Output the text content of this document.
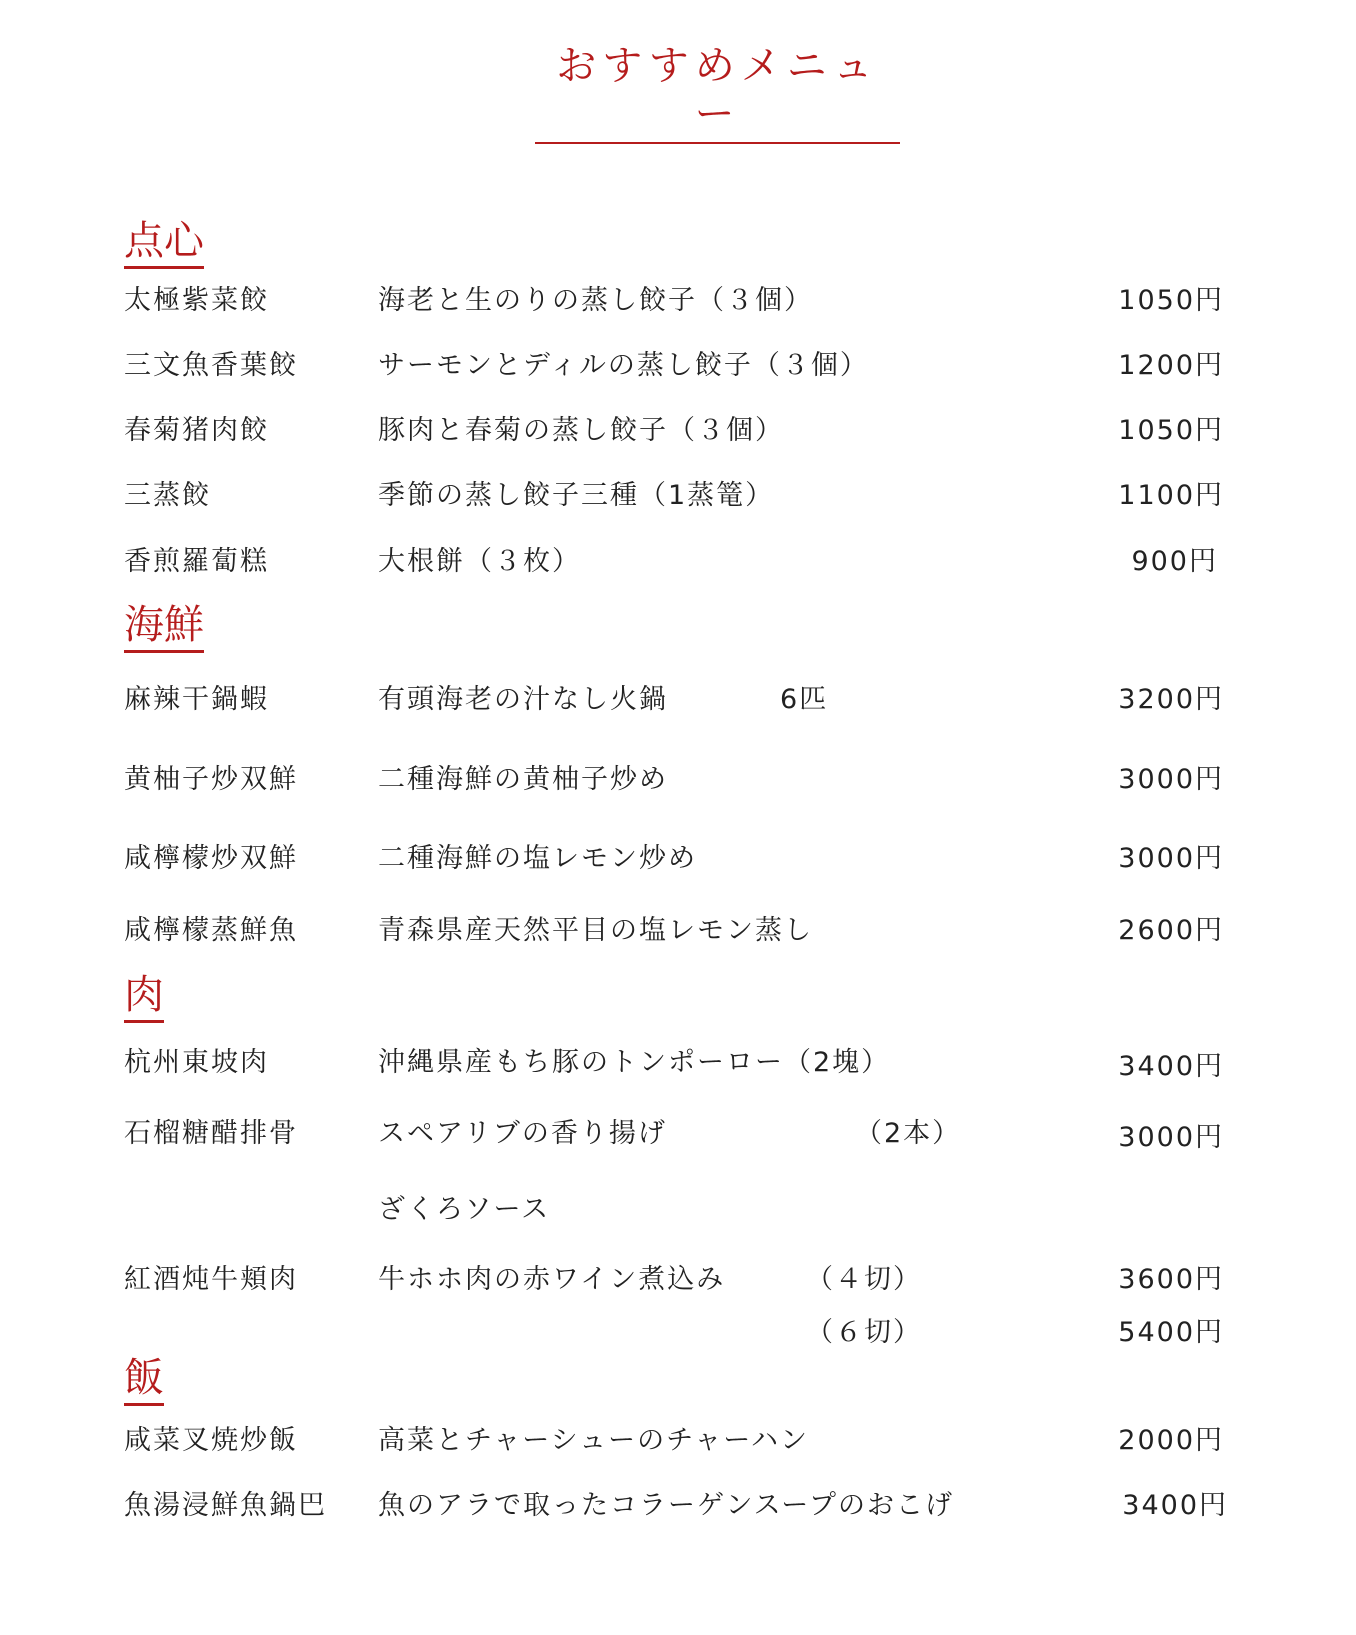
おすすめメニュー
点心
太極紫菜餃	海老と生のりの蒸し餃子（３個）	1050円
三文魚香葉餃	サーモンとディルの蒸し餃子（３個）	1200円
春菊猪肉餃	豚肉と春菊の蒸し餃子（３個）	1050円
三蒸餃	季節の蒸し餃子三種（1蒸篭）	1100円
香煎羅蔔糕	大根餅（３枚）	900円
海鮮
麻辣干鍋蝦	有頭海老の汁なし火鍋	6匹	3200円
黄柚子炒双鮮	二種海鮮の黄柚子炒め	3000円
咸檸檬炒双鮮	二種海鮮の塩レモン炒め	3000円
咸檸檬蒸鮮魚	青森県産天然平目の塩レモン蒸し	2600円
肉
杭州東坡肉	沖縄県産もち豚のトンポーロー（2塊）	3400円
石榴糖醋排骨	スペアリブの香り揚げ	（2本）	3000円
ざくろソース
紅酒炖牛頬肉	牛ホホ肉の赤ワイン煮込み	（４切）	3600円
（６切）	5400円
飯
咸菜叉焼炒飯	高菜とチャーシューのチャーハン	2000円
魚湯浸鮮魚鍋巴 魚のアラで取ったコラーゲンスープのおこげ	3400円
